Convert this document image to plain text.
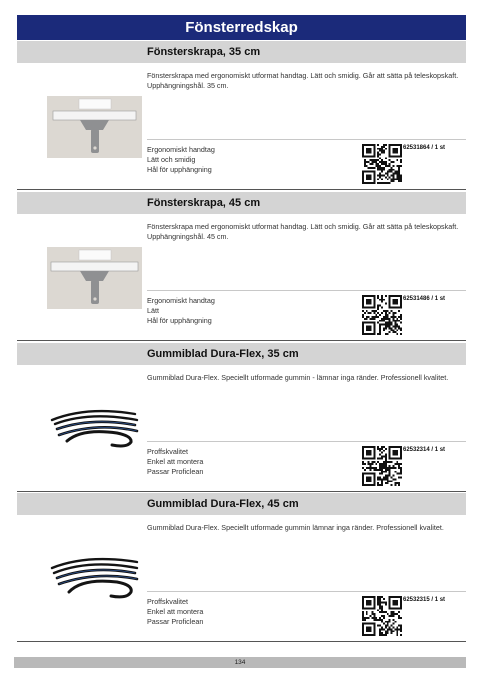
Fönsterredskap
Fönsterskrapa, 35 cm
Fönsterskrapa med ergonomiskt utformat handtag. Lätt och smidig. Går att sätta på teleskopskaft. Upphängningshål. 35 cm.
Ergonomiskt handtag
Lätt och smidig
Hål för upphängning
62531864 / 1 st
Fönsterskrapa, 45 cm
Fönsterskrapa med ergonomiskt utformat handtag. Lätt och smidig. Går att sätta på teleskopskaft. Upphängningshål. 45 cm.
Ergonomiskt handtag
Lätt
Hål för upphängning
62531486 / 1 st
Gummiblad Dura-Flex, 35 cm
Gummiblad Dura-Flex. Speciellt utformade gummin - lämnar inga ränder. Professionell kvalitet.
Proffskvalitet
Enkel att montera
Passar Proficlean
62532314 / 1 st
Gummiblad Dura-Flex, 45 cm
Gummiblad Dura-Flex. Speciellt utformade gummin lämnar inga ränder. Professionell kvalitet.
Proffskvalitet
Enkel att montera
Passar Proficlean
62532315 / 1 st
134
